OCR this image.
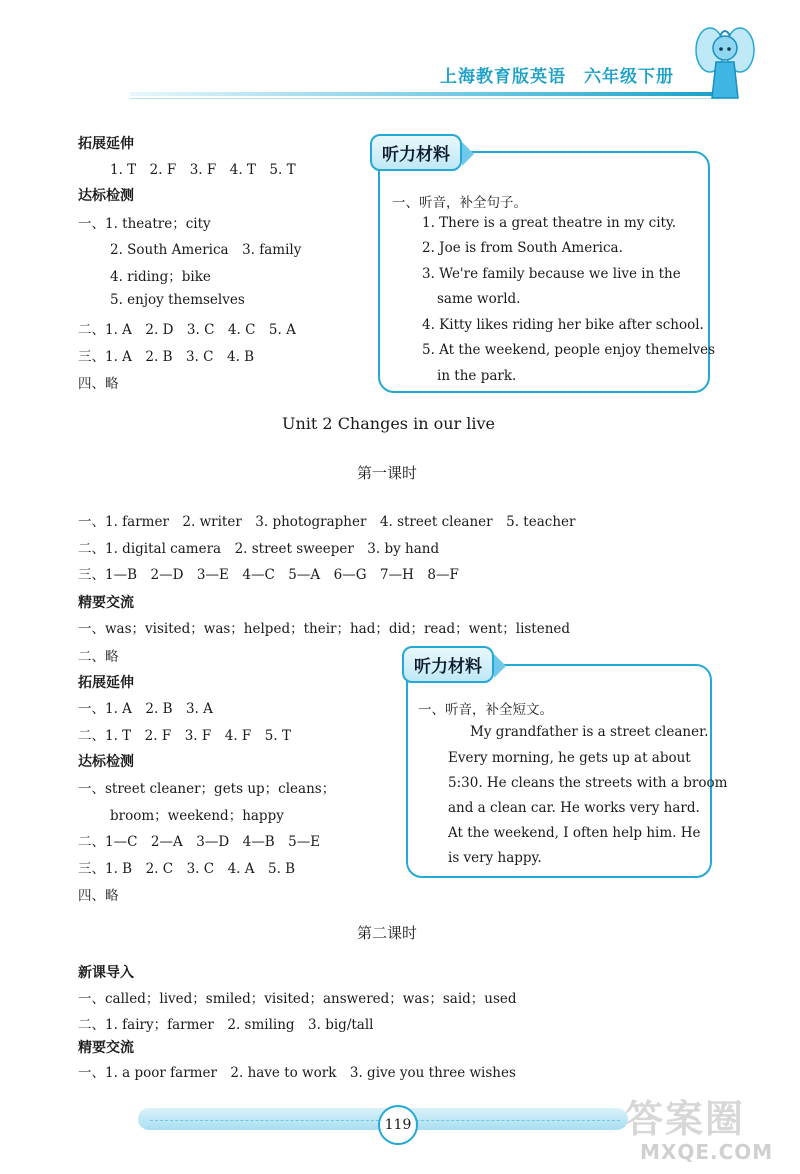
上海教育版英语　六年级下册
拓展延伸
1. T　2. F　3. F　4. T　5. T
达标检测
一、1. theatre；city
2. South America　3. family
4. riding；bike
5. enjoy themselves
二、1. A　2. D　3. C　4. C　5. A
三、1. A　2. B　3. C　4. B
四、略
一、听音，补全句子。
1. There is a great theatre in my city.
2. Joe is from South America.
3. We're family because we live in the
same world.
4. Kitty likes riding her bike after school.
5. At the weekend, people enjoy themelves
in the park.
听力材料
Unit 2 Changes in our live
第一课时
一、1. farmer　2. writer　3. photographer　4. street cleaner　5. teacher
二、1. digital camera　2. street sweeper　3. by hand
三、1—B　2—D　3—E　4—C　5—A　6—G　7—H　8—F
精要交流
一、was；visited；was；helped；their；had；did；read；went；listened
二、略
拓展延伸
一、1. A　2. B　3. A
二、1. T　2. F　3. F　4. F　5. T
达标检测
一、street cleaner；gets up；cleans；
broom；weekend；happy
二、1—C　2—A　3—D　4—B　5—E
三、1. B　2. C　3. C　4. A　5. B
四、略
一、听音，补全短文。
My grandfather is a street cleaner.
Every morning, he gets up at about
5:30. He cleans the streets with a broom
and a clean car. He works very hard.
At the weekend, I often help him. He
is very happy.
听力材料
第二课时
新课导入
一、called；lived；smiled；visited；answered；was；said；used
二、1. fairy；farmer　2. smiling　3. big/tall
精要交流
一、1. a poor farmer　2. have to work　3. give you three wishes
119	答案圈
MXQE.COM
